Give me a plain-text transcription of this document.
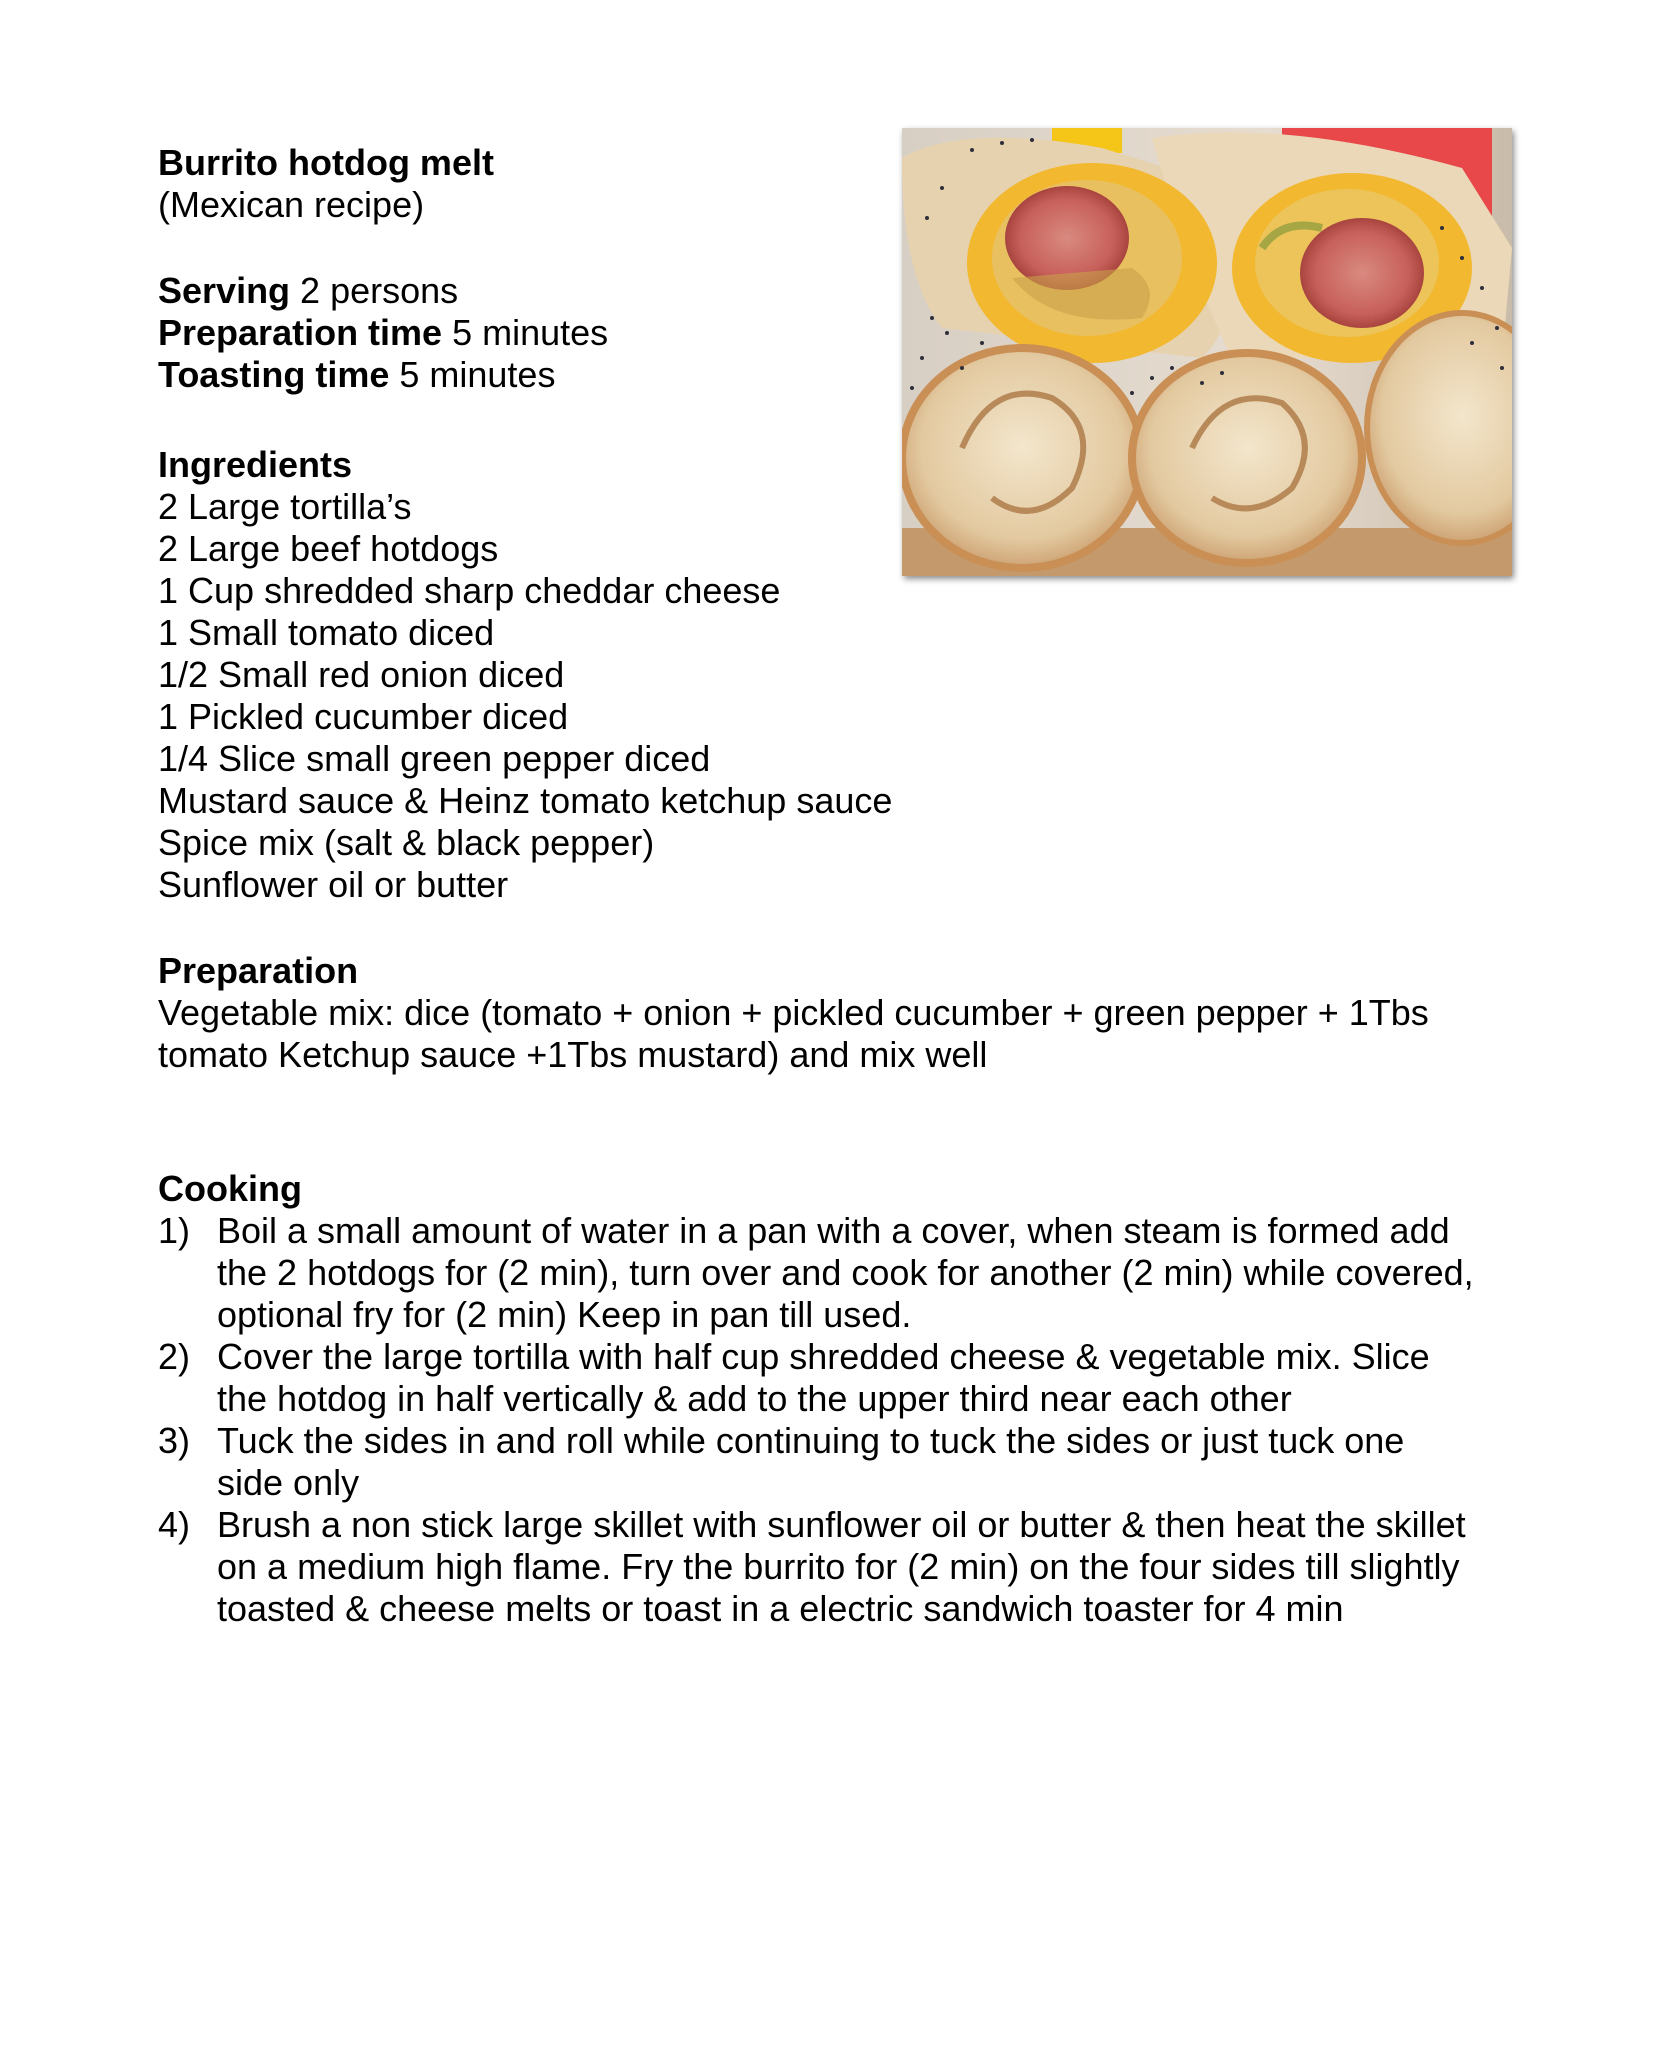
Burrito hotdog melt
(Mexican recipe)
Serving 2 persons
Preparation time 5 minutes
Toasting time 5 minutes
Ingredients
2 Large tortilla’s
2 Large beef hotdogs
1 Cup shredded sharp cheddar cheese
1 Small tomato diced
1/2 Small red onion diced
1 Pickled cucumber diced
1/4 Slice small green pepper diced
Mustard sauce & Heinz tomato ketchup sauce
Spice mix (salt & black pepper)
Sunflower oil or butter
Preparation
Vegetable mix: dice (tomato + onion + pickled cucumber + green pepper + 1Tbs
tomato Ketchup sauce +1Tbs mustard) and mix well
Cooking
1) Boil a small amount of water in a pan with a cover, when steam is formed add
the 2 hotdogs for (2 min), turn over and cook for another (2 min) while covered,
optional fry for (2 min) Keep in pan till used.
2) Cover the large tortilla with half cup shredded cheese & vegetable mix. Slice
the hotdog in half vertically & add to the upper third near each other
3) Tuck the sides in and roll while continuing to tuck the sides or just tuck one
side only
4) Brush a non stick large skillet with sunflower oil or butter & then heat the skillet
on a medium high flame. Fry the burrito for (2 min) on the four sides till slightly
toasted & cheese melts or toast in a electric sandwich toaster for 4 min
